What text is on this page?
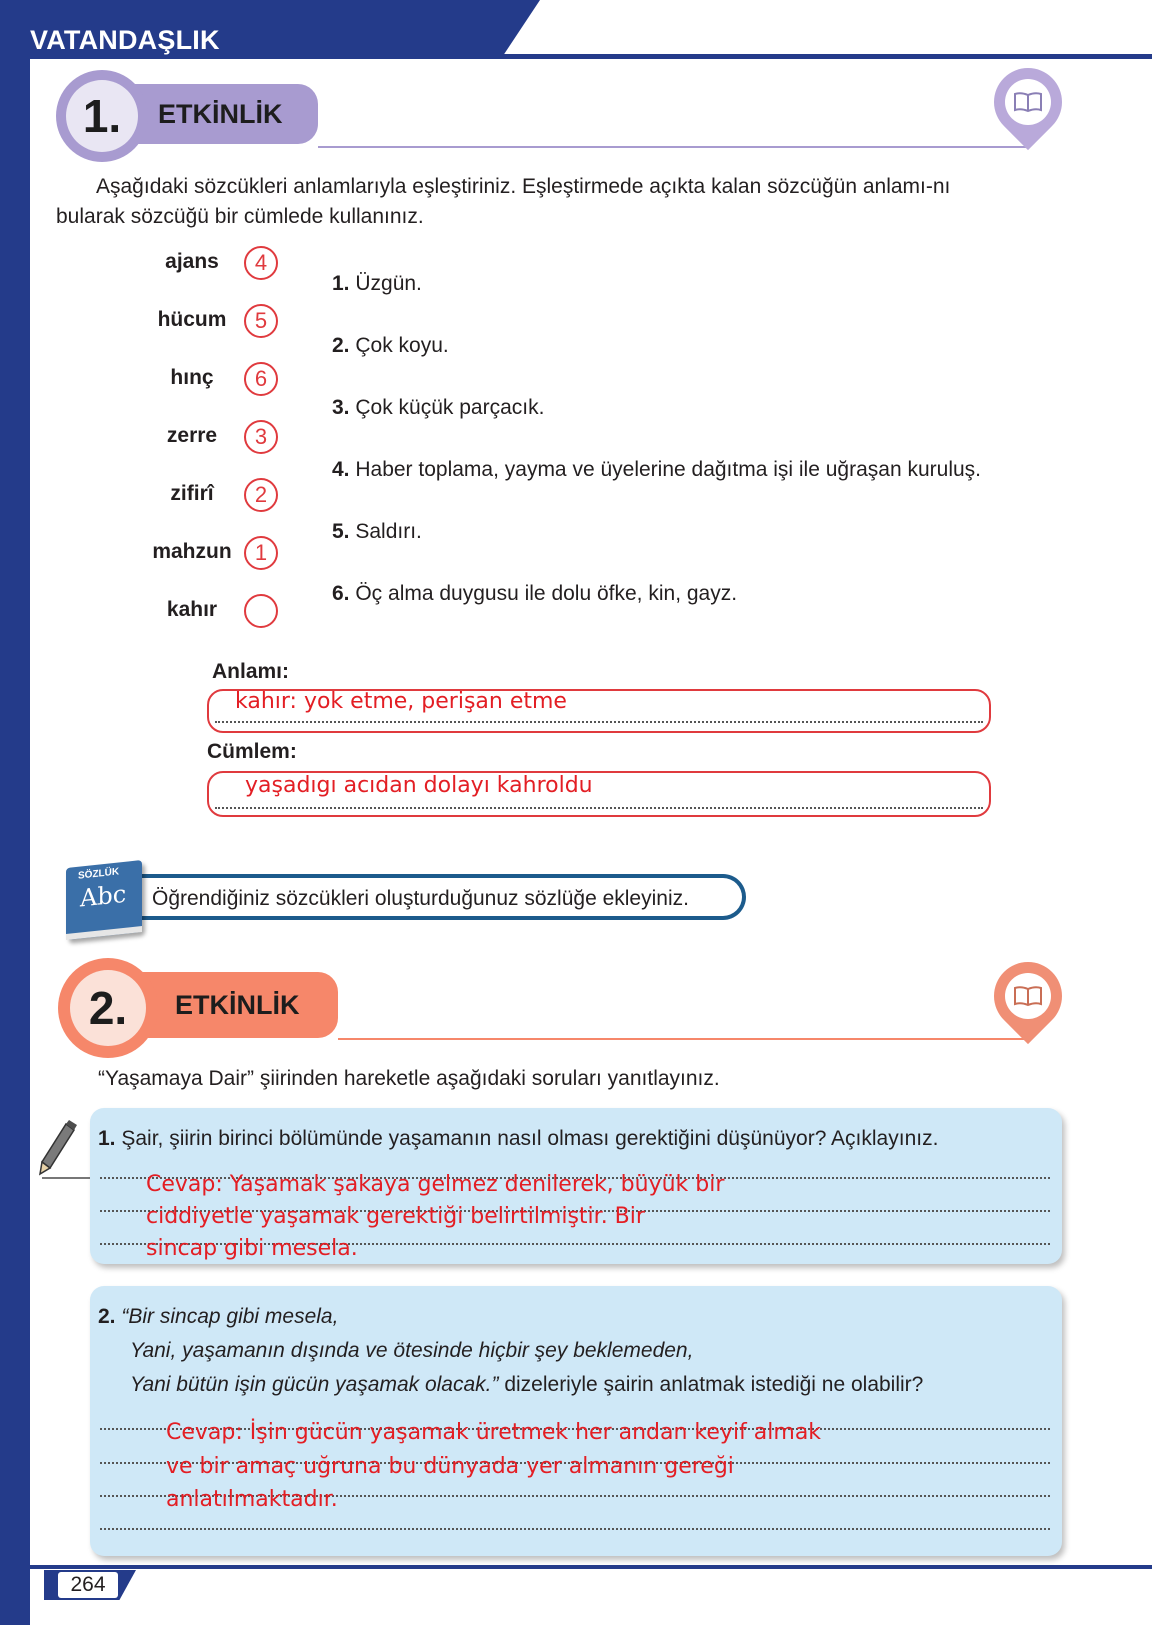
VATANDAŞLIK
ETKİNLİK
1.
Aşağıdaki sözcükleri anlamlarıyla eşleştiriniz. Eşleştirmede açıkta kalan sözcüğün anlamı-nı bularak sözcüğü bir cümlede kullanınız.
ajans	4
hücum	5
hınç	6
zerre	3
zifirî	2
mahzun	1
kahır
1. Üzgün.
2. Çok koyu.
3. Çok küçük parçacık.
4. Haber toplama, yayma ve üyelerine dağıtma işi ile uğraşan kuruluş.
5. Saldırı.
6. Öç alma duygusu ile dolu öfke, kin, gayz.
Anlamı:
kahır: yok etme, perişan etme
Cümlem:
yaşadıgı acıdan dolayı kahroldu
Öğrendiğiniz sözcükleri oluşturduğunuz sözlüğe ekleyiniz.
SÖZLÜK
Abc
ETKİNLİK
2.
“Yaşamaya Dair” şiirinden hareketle aşağıdaki soruları yanıtlayınız.
1. Şair, şiirin birinci bölümünde yaşamanın nasıl olması gerektiğini düşünüyor? Açıklayınız.
Cevap: Yaşamak şakaya gelmez denilerek, büyük bir
ciddiyetle yaşamak gerektiği belirtilmiştir. Bir
sincap gibi mesela.
2. “Bir sincap gibi mesela,
Yani, yaşamanın dışında ve ötesinde hiçbir şey beklemeden,
Yani bütün işin gücün yaşamak olacak.” dizeleriyle şairin anlatmak istediği ne olabilir?
Cevap: İşin gücün yaşamak üretmek her andan keyif almak
ve bir amaç uğruna bu dünyada yer almanın gereği
anlatılmaktadır.
264
